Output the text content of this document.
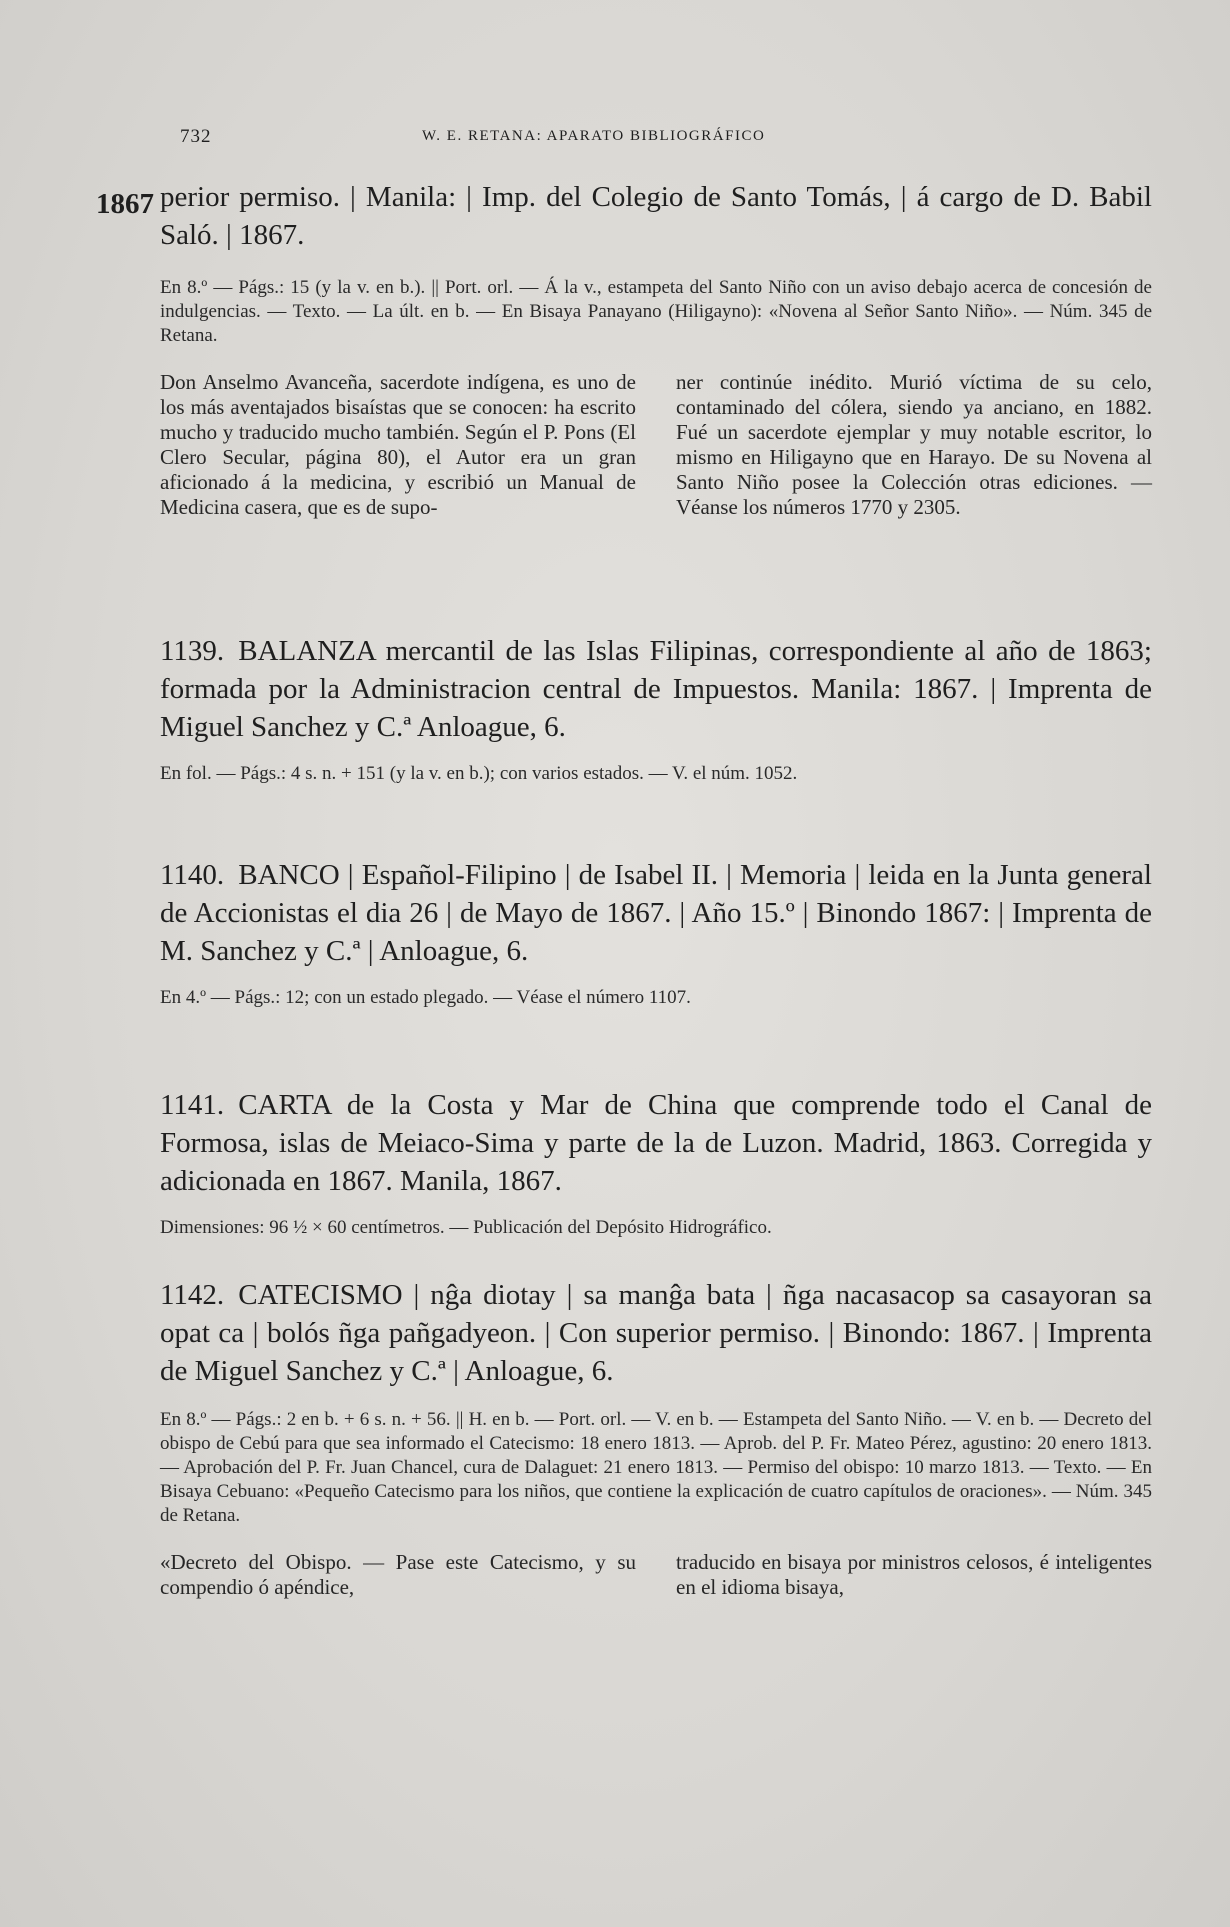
732	W. E. RETANA: APARATO BIBLIOGRÁFICO
1867 perior permiso. | Manila: | Imp. del Colegio de Santo Tomás, | á cargo de D. Babil Saló. | 1867.
En 8.º — Págs.: 15 (y la v. en b.). || Port. orl. — Á la v., estampeta del Santo Niño con un aviso debajo acerca de concesión de indulgencias. — Texto. — La últ. en b. — En Bisaya Panayano (Hiligayno): «Novena al Señor Santo Niño». — Núm. 345 de Retana.
Don Anselmo Avanceña, sacerdote indígena, es uno de los más aventajados bisaístas que se conocen: ha escrito mucho y traducido mucho también. Según el P. Pons (El Clero Secular, página 80), el Autor era un gran aficionado á la medicina, y escribió un Manual de Medicina casera, que es de supo-
ner continúe inédito. Murió víctima de su celo, contaminado del cólera, siendo ya anciano, en 1882. Fué un sacerdote ejemplar y muy notable escritor, lo mismo en Hiligayno que en Harayo. De su Novena al Santo Niño posee la Colección otras ediciones. — Véanse los números 1770 y 2305.
1139. BALANZA mercantil de las Islas Filipinas, correspondiente al año de 1863; formada por la Administracion central de Impuestos. Manila: 1867. | Imprenta de Miguel Sanchez y C.ª Anloague, 6.
En fol. — Págs.: 4 s. n. + 151 (y la v. en b.); con varios estados. — V. el núm. 1052.
1140. BANCO | Español-Filipino | de Isabel II. | Memoria | leida en la Junta general de Accionistas el dia 26 | de Mayo de 1867. | Año 15.º | Binondo 1867: | Imprenta de M. Sanchez y C.ª | Anloague, 6.
En 4.º — Págs.: 12; con un estado plegado. — Véase el número 1107.
1141. CARTA de la Costa y Mar de China que comprende todo el Canal de Formosa, islas de Meiaco-Sima y parte de la de Luzon. Madrid, 1863. Corregida y adicionada en 1867. Manila, 1867.
Dimensiones: 96 ½ × 60 centímetros. — Publicación del Depósito Hidrográfico.
1142. CATECISMO | nĝa diotay | sa manĝa bata | ñga nacasacop sa casayoran sa opat ca | bolós ñga pañgadyeon. | Con superior permiso. | Binondo: 1867. | Imprenta de Miguel Sanchez y C.ª | Anloague, 6.
En 8.º — Págs.: 2 en b. + 6 s. n. + 56. || H. en b. — Port. orl. — V. en b. — Estampeta del Santo Niño. — V. en b. — Decreto del obispo de Cebú para que sea informado el Catecismo: 18 enero 1813. — Aprob. del P. Fr. Mateo Pérez, agustino: 20 enero 1813. — Aprobación del P. Fr. Juan Chancel, cura de Dalaguet: 21 enero 1813. — Permiso del obispo: 10 marzo 1813. — Texto. — En Bisaya Cebuano: «Pequeño Catecismo para los niños, que contiene la explicación de cuatro capítulos de oraciones». — Núm. 345 de Retana.
«Decreto del Obispo. — Pase este Catecismo, y su compendio ó apéndice,
traducido en bisaya por ministros celosos, é inteligentes en el idioma bisaya,
